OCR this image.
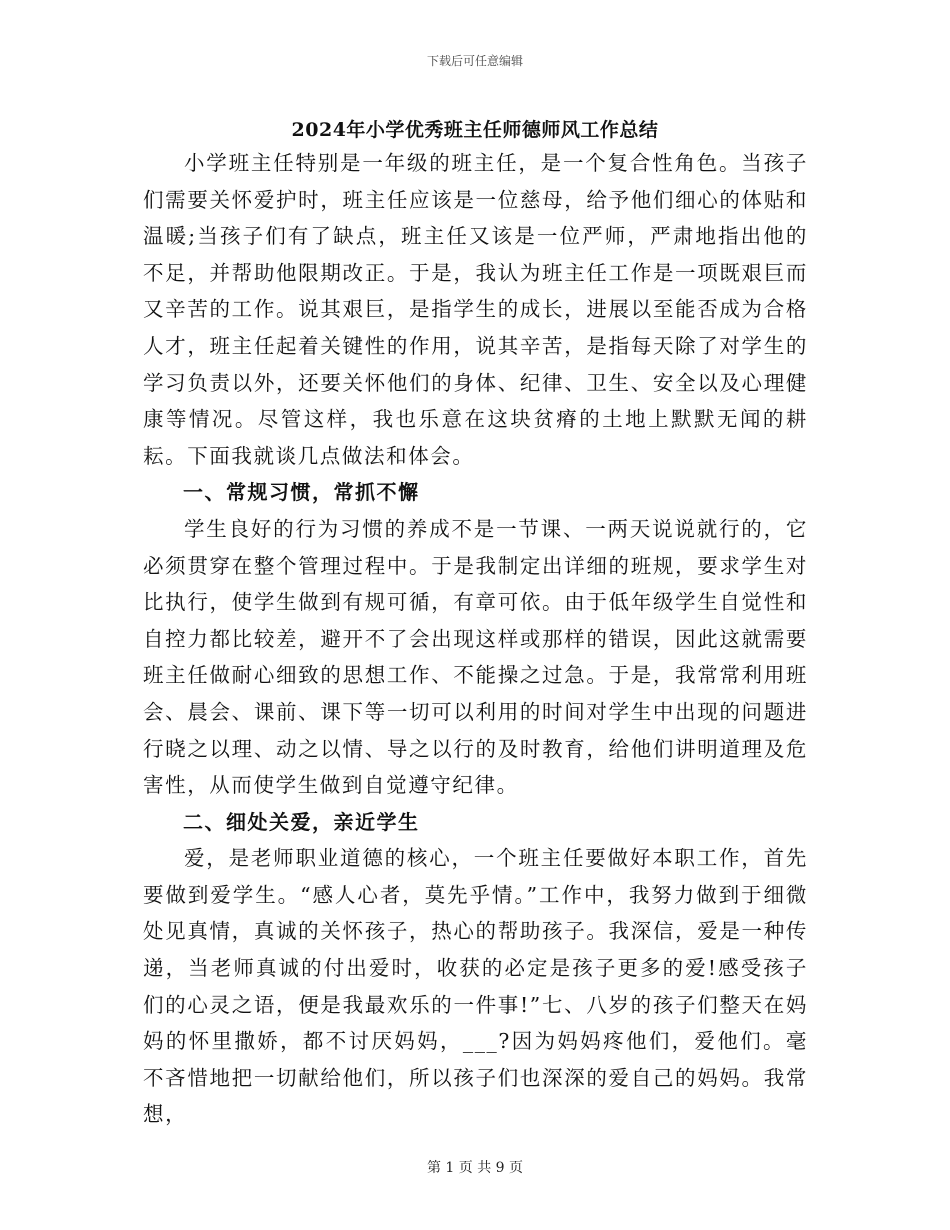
下载后可任意编辑
2024年小学优秀班主任师德师风工作总结

小学班主任特别是一年级的班主任，是一个复合性角色。当孩子们需要关怀爱护时，班主任应该是一位慈母，给予他们细心的体贴和温暖;当孩子们有了缺点，班主任又该是一位严师，严肃地指出他的不足，并帮助他限期改正。于是，我认为班主任工作是一项既艰巨而又辛苦的工作。说其艰巨，是指学生的成长，进展以至能否成为合格人才，班主任起着关键性的作用，说其辛苦，是指每天除了对学生的学习负责以外，还要关怀他们的身体、纪律、卫生、安全以及心理健康等情况。尽管这样，我也乐意在这块贫瘠的土地上默默无闻的耕耘。下面我就谈几点做法和体会。

一、常规习惯，常抓不懈

学生良好的行为习惯的养成不是一节课、一两天说说就行的，它必须贯穿在整个管理过程中。于是我制定出详细的班规，要求学生对比执行，使学生做到有规可循，有章可依。由于低年级学生自觉性和自控力都比较差，避开不了会出现这样或那样的错误，因此这就需要班主任做耐心细致的思想工作、不能操之过急。于是，我常常利用班会、晨会、课前、课下等一切可以利用的时间对学生中出现的问题进行晓之以理、动之以情、导之以行的及时教育，给他们讲明道理及危害性，从而使学生做到自觉遵守纪律。

二、细处关爱，亲近学生

爱，是老师职业道德的核心，一个班主任要做好本职工作，首先要做到爱学生。“感人心者，莫先乎情。”工作中，我努力做到于细微处见真情，真诚的关怀孩子，热心的帮助孩子。我深信，爱是一种传递，当老师真诚的付出爱时，收获的必定是孩子更多的爱!感受孩子们的心灵之语，便是我最欢乐的一件事!”七、八岁的孩子们整天在妈妈的怀里撒娇，都不讨厌妈妈，___?因为妈妈疼他们，爱他们。毫不吝惜地把一切献给他们，所以孩子们也深深的爱自己的妈妈。我常想，

第 1 页 共 9 页
